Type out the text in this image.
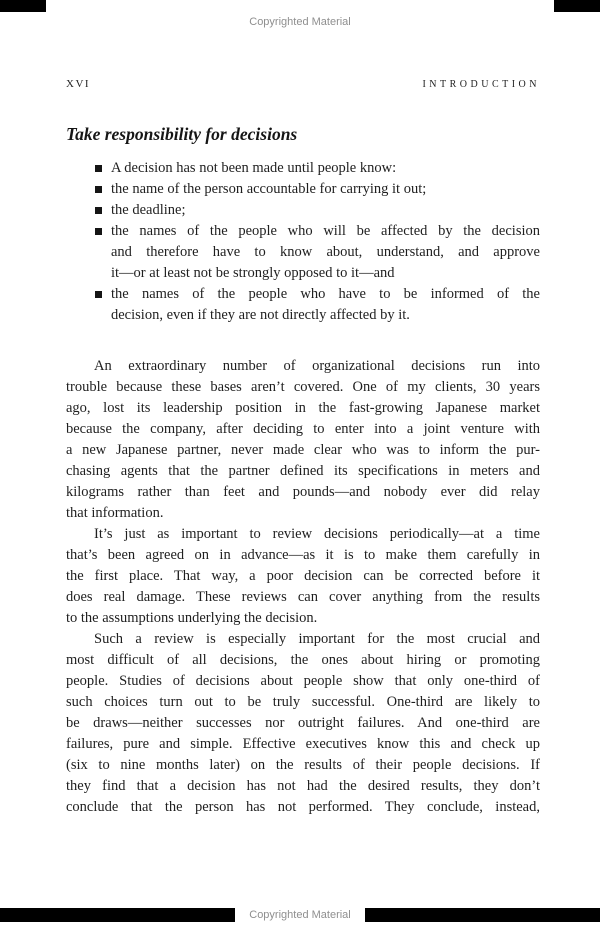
Copyrighted Material
XVI	INTRODUCTION
Take responsibility for decisions
A decision has not been made until people know:
the name of the person accountable for carrying it out;
the deadline;
the names of the people who will be affected by the decision
and therefore have to know about, understand, and approve
it—or at least not be strongly opposed to it—and
the names of the people who have to be informed of the
decision, even if they are not directly affected by it.
An extraordinary number of organizational decisions run into
trouble because these bases aren’t covered. One of my clients, 30 years
ago, lost its leadership position in the fast-growing Japanese market
because the company, after deciding to enter into a joint venture with
a new Japanese partner, never made clear who was to inform the pur-
chasing agents that the partner defined its specifications in meters and
kilograms rather than feet and pounds—and nobody ever did relay
that information.
It’s just as important to review decisions periodically—at a time
that’s been agreed on in advance—as it is to make them carefully in
the first place. That way, a poor decision can be corrected before it
does real damage. These reviews can cover anything from the results
to the assumptions underlying the decision.
Such a review is especially important for the most crucial and
most difficult of all decisions, the ones about hiring or promoting
people. Studies of decisions about people show that only one-third of
such choices turn out to be truly successful. One-third are likely to
be draws—neither successes nor outright failures. And one-third are
failures, pure and simple. Effective executives know this and check up
(six to nine months later) on the results of their people decisions. If
they find that a decision has not had the desired results, they don’t
conclude that the person has not performed. They conclude, instead,
Copyrighted Material
